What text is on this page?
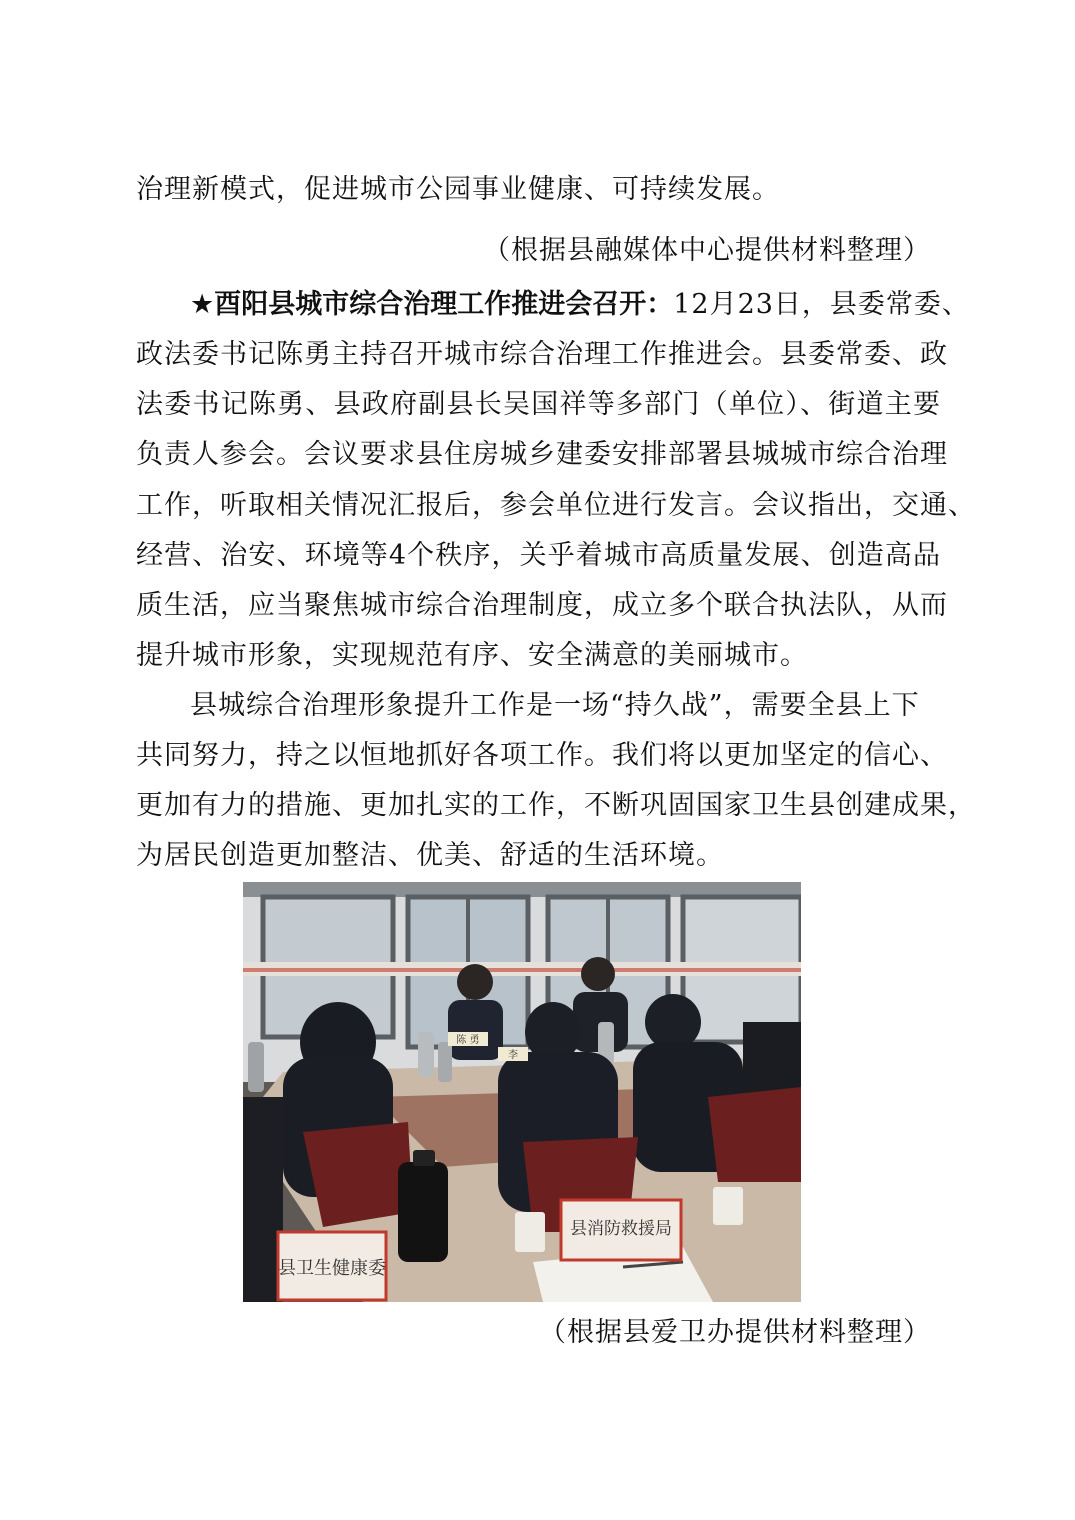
治理新模式，促进城市公园事业健康、可持续发展。
（根据县融媒体中心提供材料整理）
★酉阳县城市综合治理工作推进会召开：12月23日，县委常委、
政法委书记陈勇主持召开城市综合治理工作推进会。县委常委、政
法委书记陈勇、县政府副县长吴国祥等多部门（单位）、街道主要
负责人参会。会议要求县住房城乡建委安排部署县城城市综合治理
工作，听取相关情况汇报后，参会单位进行发言。会议指出，交通、
经营、治安、环境等4个秩序，关乎着城市高质量发展、创造高品
质生活，应当聚焦城市综合治理制度，成立多个联合执法队，从而
提升城市形象，实现规范有序、安全满意的美丽城市。
县城综合治理形象提升工作是一场“持久战”，需要全县上下
共同努力，持之以恒地抓好各项工作。我们将以更加坚定的信心、
更加有力的措施、更加扎实的工作，不断巩固国家卫生县创建成果，
为居民创造更加整洁、优美、舒适的生活环境。
县卫生健康委
县消防救援局
陈 勇
李
（根据县爱卫办提供材料整理）
